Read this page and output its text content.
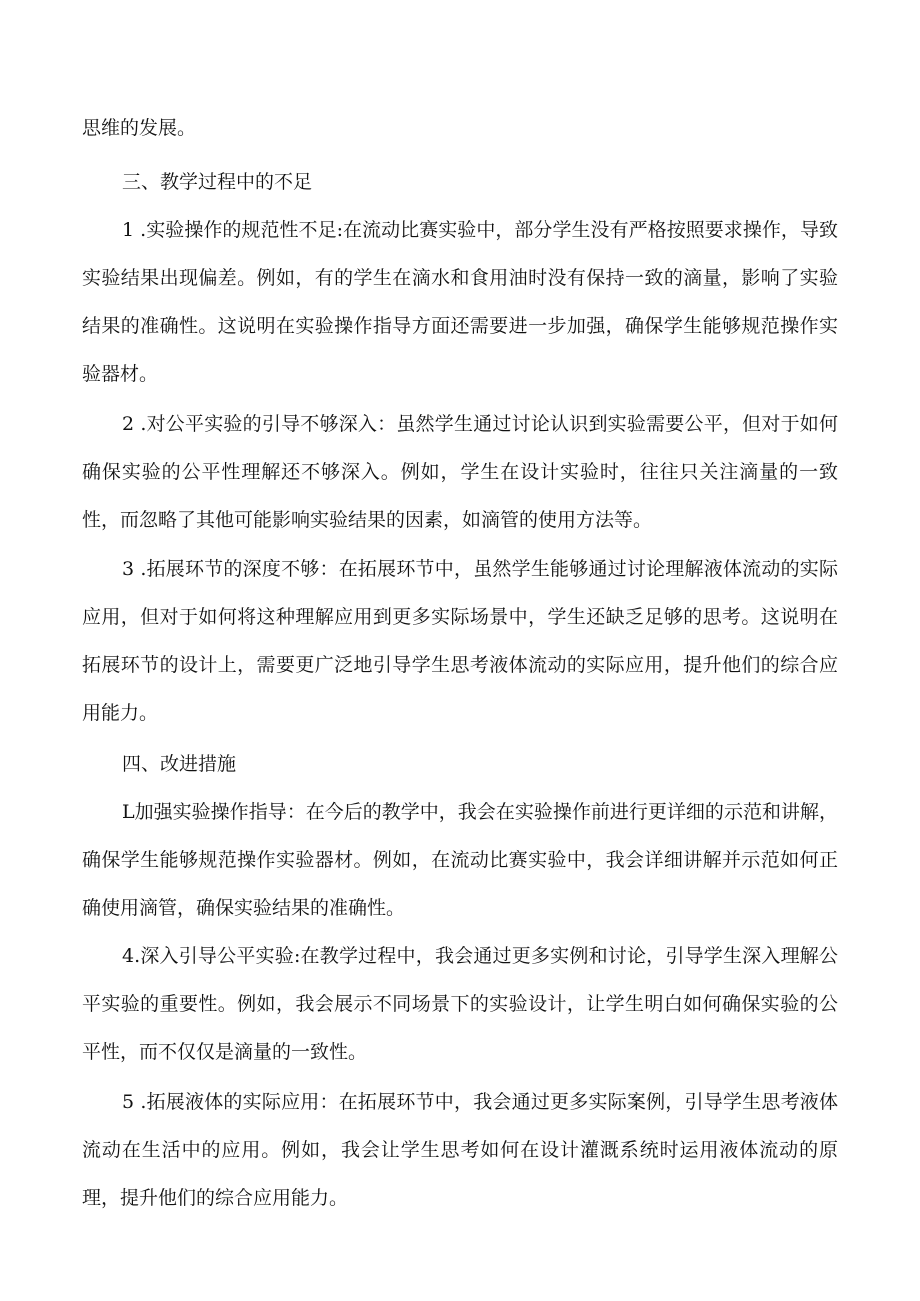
思维的发展。

三、教学过程中的不足

1 .实验操作的规范性不足:在流动比赛实验中，部分学生没有严格按照要求操作，导致实验结果出现偏差。例如，有的学生在滴水和食用油时没有保持一致的滴量，影响了实验结果的准确性。这说明在实验操作指导方面还需要进一步加强，确保学生能够规范操作实验器材。

2 .对公平实验的引导不够深入：虽然学生通过讨论认识到实验需要公平，但对于如何确保实验的公平性理解还不够深入。例如，学生在设计实验时，往往只关注滴量的一致性，而忽略了其他可能影响实验结果的因素，如滴管的使用方法等。

3 .拓展环节的深度不够：在拓展环节中，虽然学生能够通过讨论理解液体流动的实际应用，但对于如何将这种理解应用到更多实际场景中，学生还缺乏足够的思考。这说明在拓展环节的设计上，需要更广泛地引导学生思考液体流动的实际应用，提升他们的综合应用能力。

四、改进措施

L加强实验操作指导：在今后的教学中，我会在实验操作前进行更详细的示范和讲解，确保学生能够规范操作实验器材。例如，在流动比赛实验中，我会详细讲解并示范如何正确使用滴管，确保实验结果的准确性。

4.深入引导公平实验:在教学过程中，我会通过更多实例和讨论，引导学生深入理解公平实验的重要性。例如，我会展示不同场景下的实验设计，让学生明白如何确保实验的公平性，而不仅仅是滴量的一致性。

5 .拓展液体的实际应用：在拓展环节中，我会通过更多实际案例，引导学生思考液体流动在生活中的应用。例如，我会让学生思考如何在设计灌溉系统时运用液体流动的原理，提升他们的综合应用能力。
